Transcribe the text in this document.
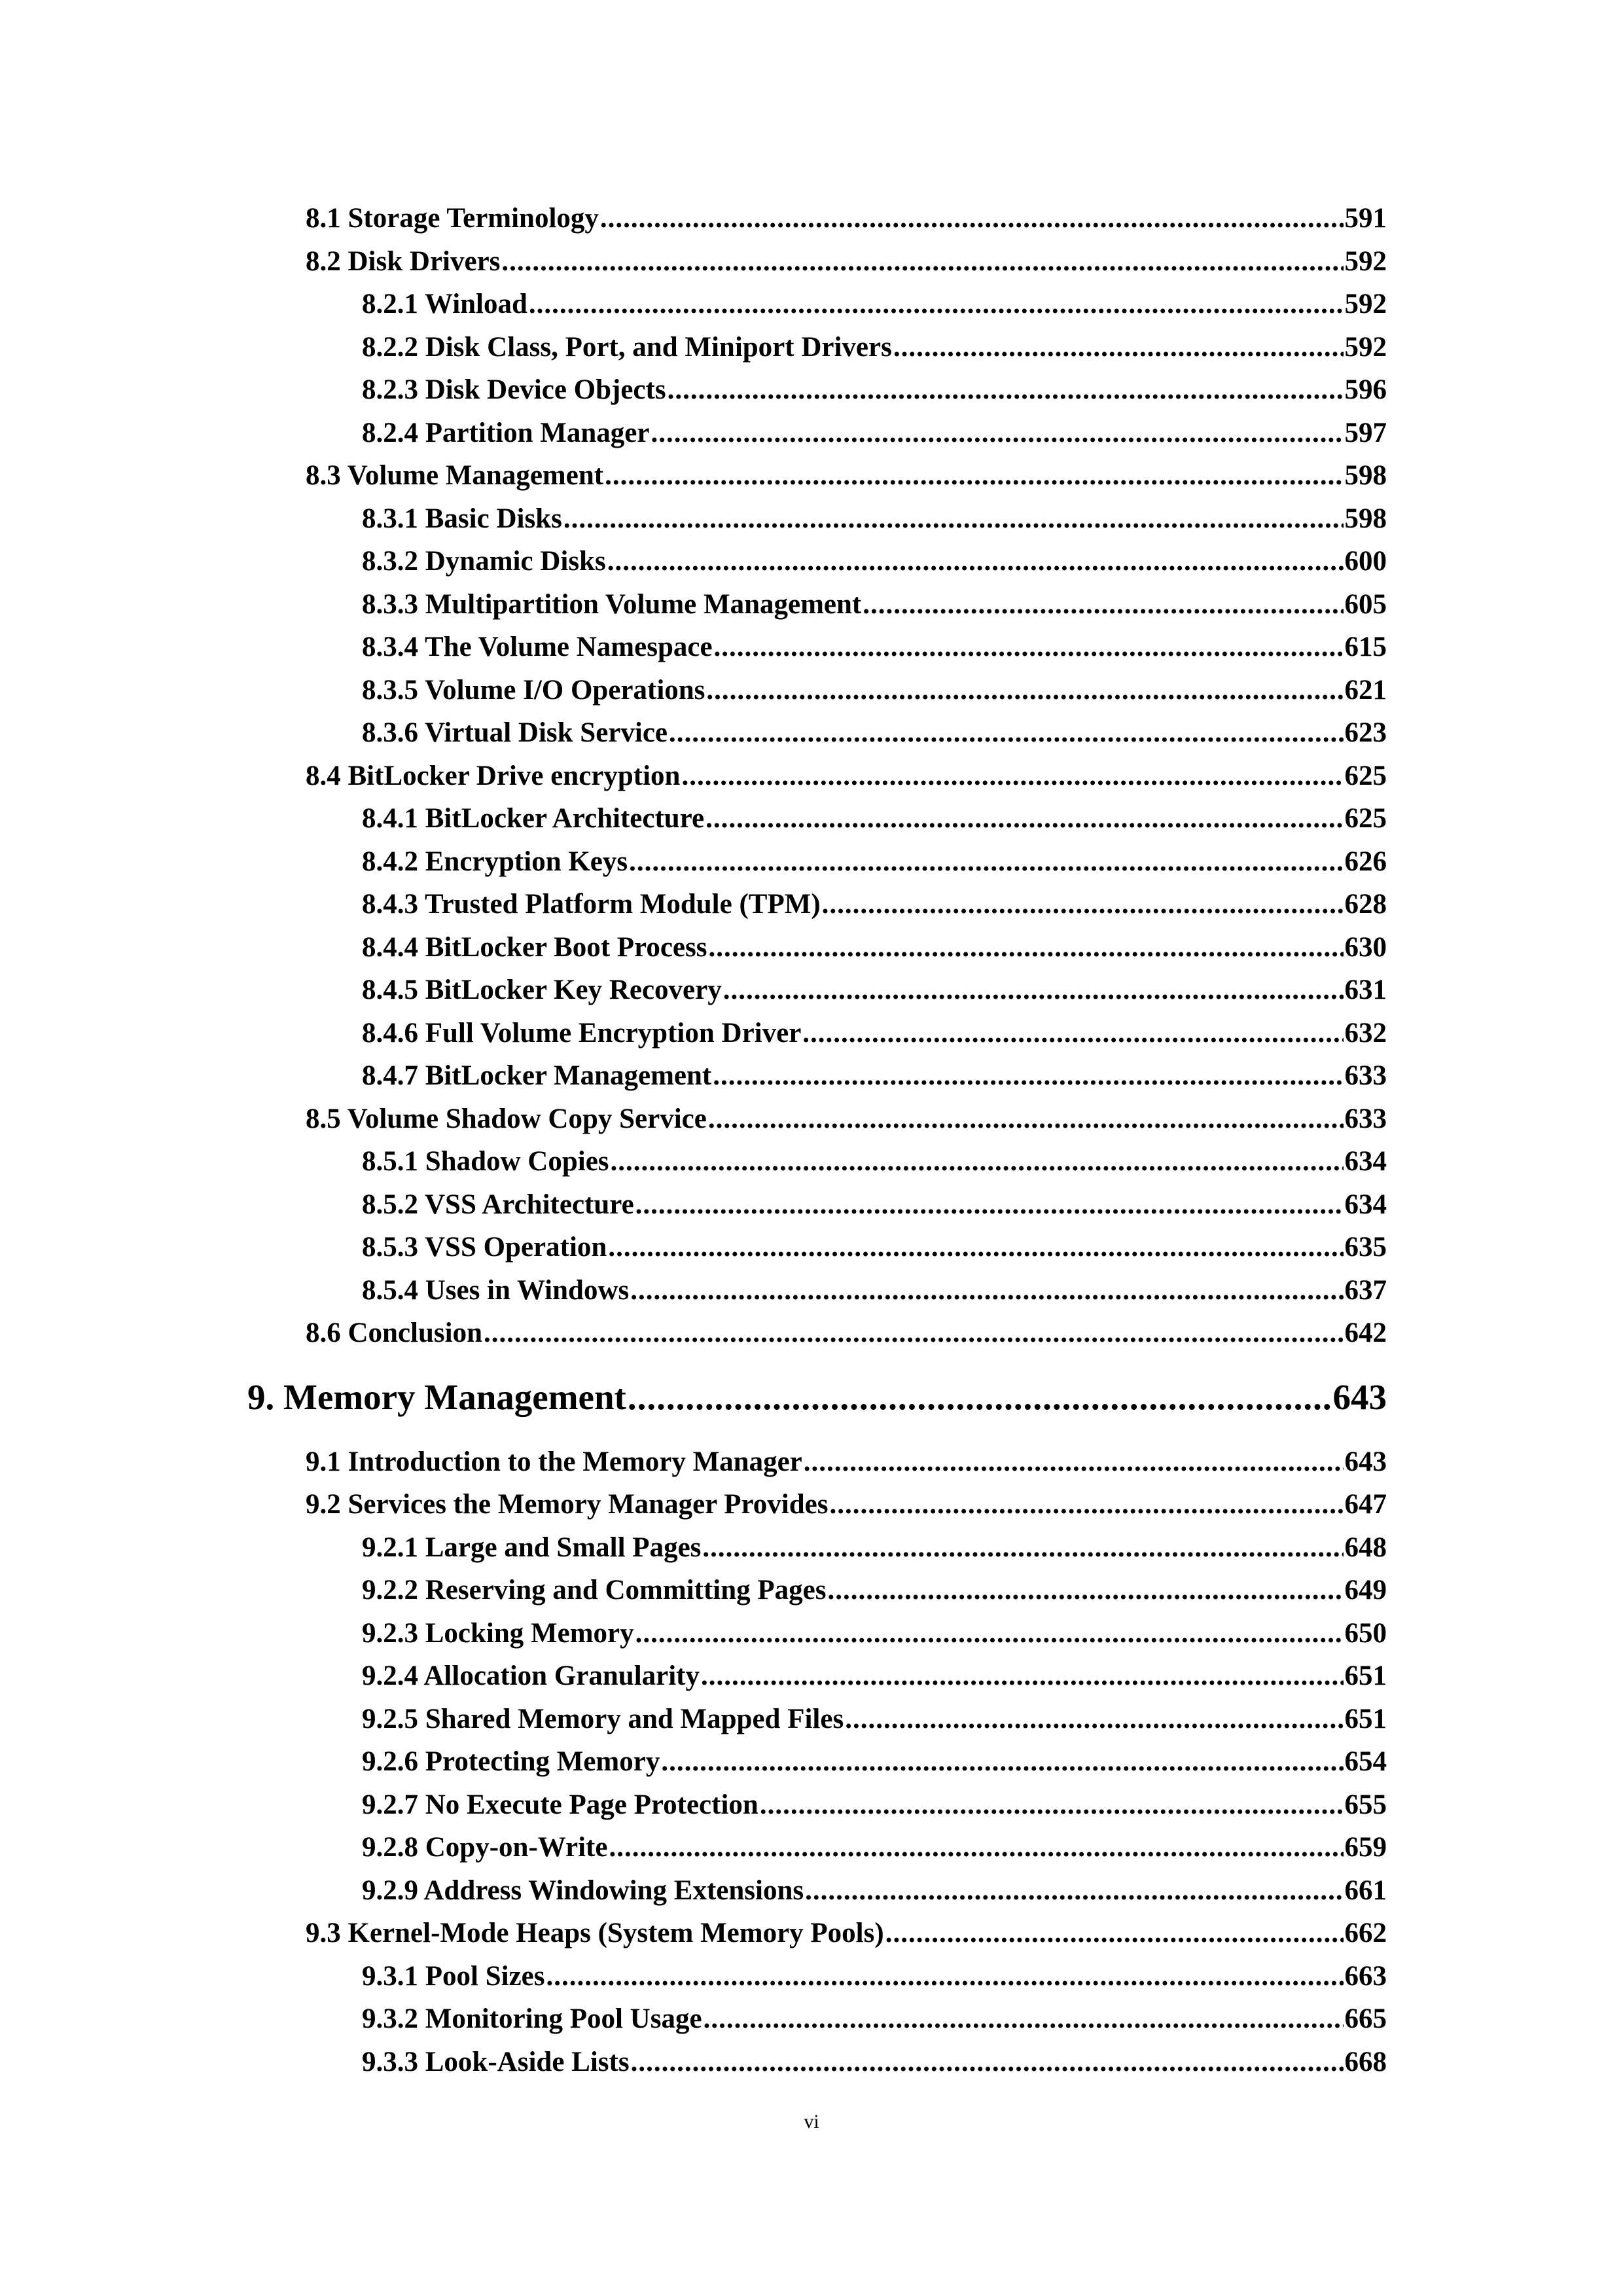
8.1 Storage Terminology .....	591
8.2 Disk Drivers .....	592
8.2.1 Winload .....	592
8.2.2 Disk Class, Port, and Miniport Drivers .....	592
8.2.3 Disk Device Objects .....	596
8.2.4 Partition Manager .....	597
8.3 Volume Management .....	598
8.3.1 Basic Disks .....	598
8.3.2 Dynamic Disks .....	600
8.3.3 Multipartition Volume Management .....	605
8.3.4 The Volume Namespace .....	615
8.3.5 Volume I/O Operations .....	621
8.3.6 Virtual Disk Service .....	623
8.4 BitLocker Drive encryption .....	625
8.4.1 BitLocker Architecture .....	625
8.4.2 Encryption Keys .....	626
8.4.3 Trusted Platform Module (TPM) .....	628
8.4.4 BitLocker Boot Process .....	630
8.4.5 BitLocker Key Recovery .....	631
8.4.6 Full Volume Encryption Driver .....	632
8.4.7 BitLocker Management .....	633
8.5 Volume Shadow Copy Service .....	633
8.5.1 Shadow Copies .....	634
8.5.2 VSS Architecture .....	634
8.5.3 VSS Operation .....	635
8.5.4 Uses in Windows .....	637
8.6 Conclusion .....	642
9. Memory Management .....	643
9.1 Introduction to the Memory Manager .....	643
9.2 Services the Memory Manager Provides .....	647
9.2.1 Large and Small Pages .....	648
9.2.2 Reserving and Committing Pages .....	649
9.2.3 Locking Memory .....	650
9.2.4 Allocation Granularity .....	651
9.2.5 Shared Memory and Mapped Files .....	651
9.2.6 Protecting Memory .....	654
9.2.7 No Execute Page Protection .....	655
9.2.8 Copy-on-Write .....	659
9.2.9 Address Windowing Extensions .....	661
9.3 Kernel-Mode Heaps (System Memory Pools) .....	662
9.3.1 Pool Sizes .....	663
9.3.2 Monitoring Pool Usage .....	665
9.3.3 Look-Aside Lists .....	668
vi
